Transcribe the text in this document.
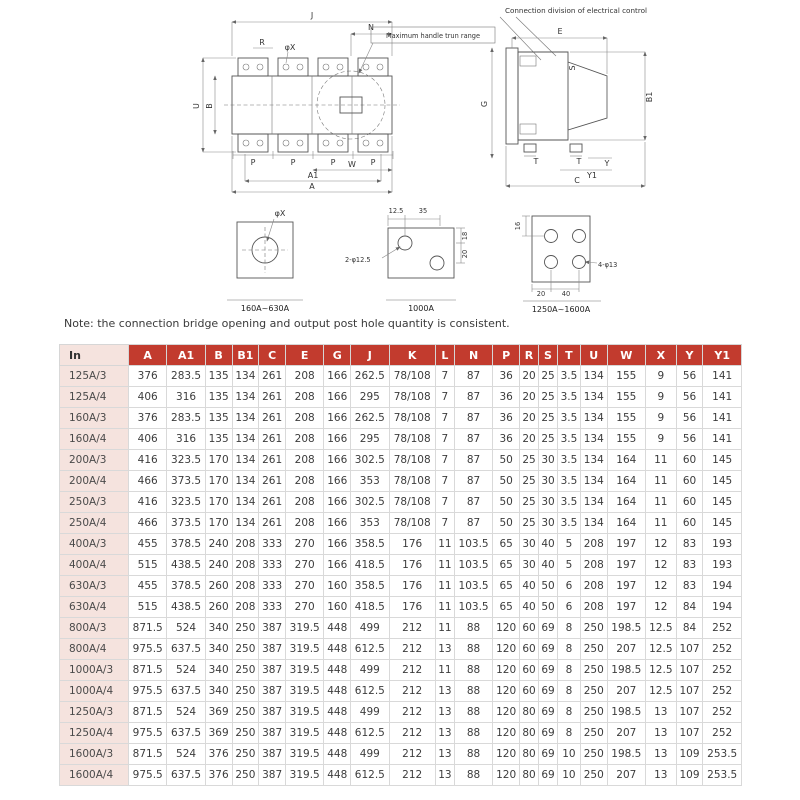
J
N
R
φX
U B
P	P	P	P
W
A1
A
Maximum handle trun range
Connection division of electrical control
E
S
B1
G
T	T	Y
Y1
C
φX
160A~630A
12.5 35
18
20
2-φ12.5
1000A
16
20	40
4-φ13
1250A~1600A
Note: the connection bridge opening and output post hole quantity is consistent.
In	A	A1	B	B1	C	E	G	J	K	L	N	P	R	S	T	U	W	X	Y	Y1
125A/3	376	283.5	135	134	261	208	166	262.5	78/108	7	87	36	20	25	3.5	134	155	9	56	141
125A/4	406	316	135	134	261	208	166	295	78/108	7	87	36	20	25	3.5	134	155	9	56	141
160A/3	376	283.5	135	134	261	208	166	262.5	78/108	7	87	36	20	25	3.5	134	155	9	56	141
160A/4	406	316	135	134	261	208	166	295	78/108	7	87	36	20	25	3.5	134	155	9	56	141
200A/3	416	323.5	170	134	261	208	166	302.5	78/108	7	87	50	25	30	3.5	134	164	11	60	145
200A/4	466	373.5	170	134	261	208	166	353	78/108	7	87	50	25	30	3.5	134	164	11	60	145
250A/3	416	323.5	170	134	261	208	166	302.5	78/108	7	87	50	25	30	3.5	134	164	11	60	145
250A/4	466	373.5	170	134	261	208	166	353	78/108	7	87	50	25	30	3.5	134	164	11	60	145
400A/3	455	378.5	240	208	333	270	166	358.5	176	11	103.5	65	30	40	5	208	197	12	83	193
400A/4	515	438.5	240	208	333	270	166	418.5	176	11	103.5	65	30	40	5	208	197	12	83	193
630A/3	455	378.5	260	208	333	270	160	358.5	176	11	103.5	65	40	50	6	208	197	12	83	194
630A/4	515	438.5	260	208	333	270	160	418.5	176	11	103.5	65	40	50	6	208	197	12	84	194
800A/3	871.5	524	340	250	387	319.5	448	499	212	11	88	120	60	69	8	250	198.5	12.5	84	252
800A/4	975.5	637.5	340	250	387	319.5	448	612.5	212	13	88	120	60	69	8	250	207	12.5	107	252
1000A/3	871.5	524	340	250	387	319.5	448	499	212	11	88	120	60	69	8	250	198.5	12.5	107	252
1000A/4	975.5	637.5	340	250	387	319.5	448	612.5	212	13	88	120	60	69	8	250	207	12.5	107	252
1250A/3	871.5	524	369	250	387	319.5	448	499	212	13	88	120	80	69	8	250	198.5	13	107	252
1250A/4	975.5	637.5	369	250	387	319.5	448	612.5	212	13	88	120	80	69	8	250	207	13	107	252
1600A/3	871.5	524	376	250	387	319.5	448	499	212	13	88	120	80	69	10	250	198.5	13	109	253.5
1600A/4	975.5	637.5	376	250	387	319.5	448	612.5	212	13	88	120	80	69	10	250	207	13	109	253.5
